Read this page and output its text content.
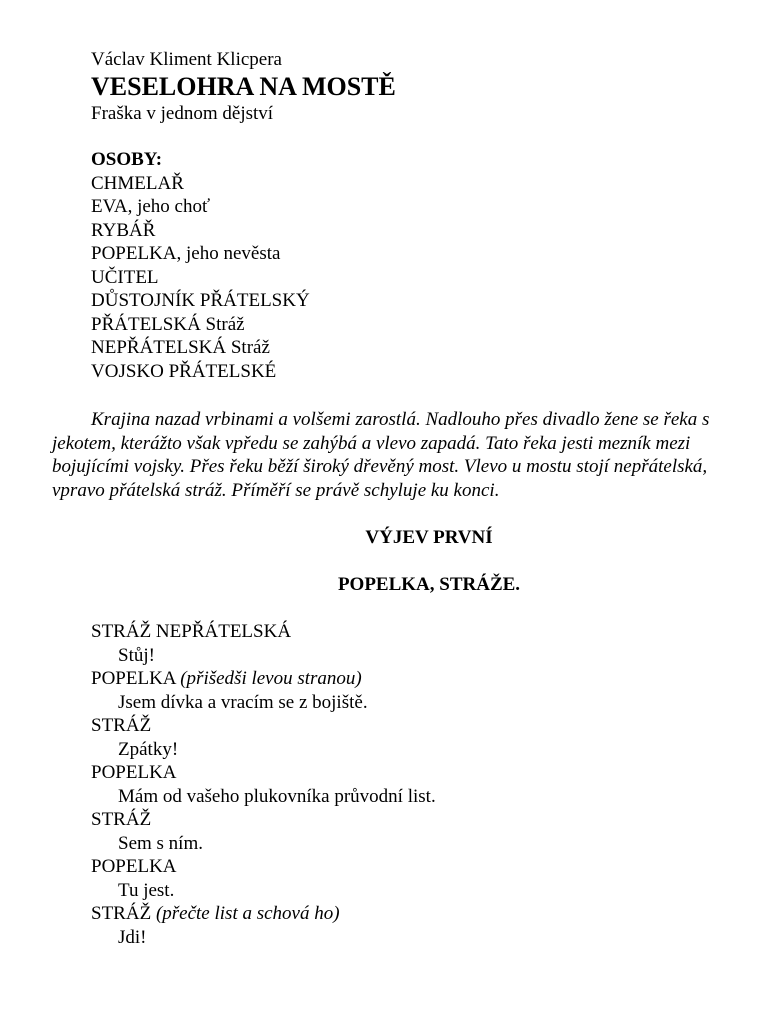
Václav Kliment Klicpera
VESELOHRA NA MOSTĚ
Fraška v jednom dějství
OSOBY:
CHMELAŘ
EVA, jeho choť
RYBÁŘ
POPELKA, jeho nevěsta
UČITEL
DŮSTOJNÍK PŘÁTELSKÝ
PŘÁTELSKÁ Stráž
NEPŘÁTELSKÁ Stráž
VOJSKO PŘÁTELSKÉ
Krajina nazad vrbinami a volšemi zarostlá. Nadlouho přes divadlo žene se řeka s jekotem, kterážto však vpředu se zahýbá a vlevo zapadá. Tato řeka jesti mezník mezi bojujícími vojsky. Přes řeku běží široký dřevěný most. Vlevo u mostu stojí nepřátelská, vpravo přátelská stráž. Příměří se právě schyluje ku konci.
VÝJEV PRVNÍ
POPELKA, STRÁŽE.
STRÁŽ NEPŘÁTELSKÁ
Stůj!
POPELKA (přišedši levou stranou)
Jsem dívka a vracím se z bojiště.
STRÁŽ
Zpátky!
POPELKA
Mám od vašeho plukovníka průvodní list.
STRÁŽ
Sem s ním.
POPELKA
Tu jest.
STRÁŽ (přečte list a schová ho)
Jdi!
